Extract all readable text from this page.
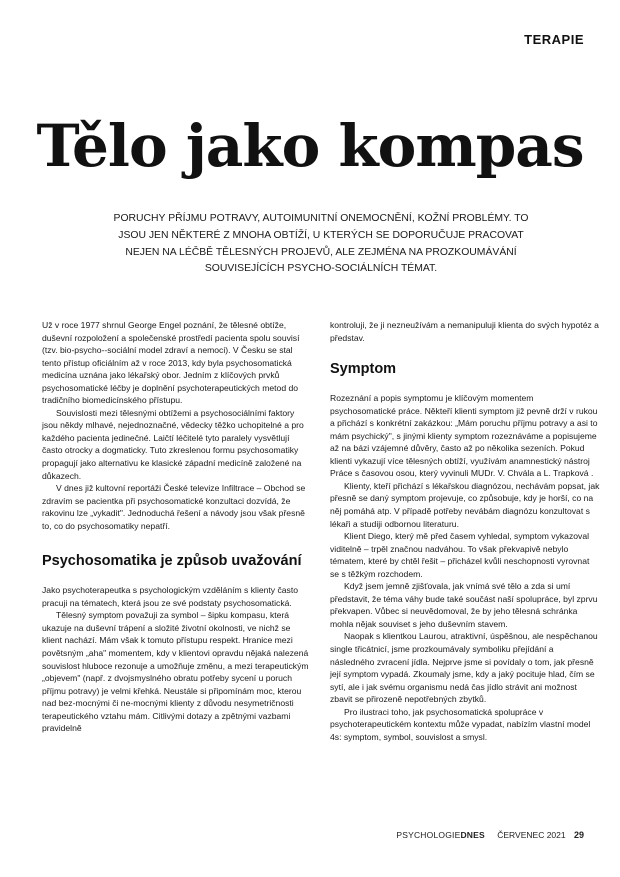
TERAPIE
Tělo jako kompas
PORUCHY PŘÍJMU POTRAVY, AUTOIMUNITNÍ ONEMOCNĚNÍ, KOŽNÍ PROBLÉMY. TO JSOU JEN NĚKTERÉ Z MNOHA OBTÍŽÍ, U KTERÝCH SE DOPORUČUJE PRACOVAT NEJEN NA LÉČBĚ TĚLESNÝCH PROJEVŮ, ALE ZEJMÉNA NA PROZKOUMÁVÁNÍ SOUVISEJÍCÍCH PSYCHO-SOCIÁLNÍCH TÉMAT.

Už v roce 1977 shrnul George Engel poznání, že tělesné obtíže, duševní rozpoložení a společenské prostředí pacienta spolu souvisí (tzv. bio-psycho--sociální model zdraví a nemoci). V Česku se stal tento přístup oficiálním až v roce 2013, kdy byla psychosomatická medicína uznána jako lékařský obor. Jedním z klíčových prvků psychosomatické léčby je doplnění psychoterapeutických metod do tradičního biomedicínského přístupu.

Souvislosti mezi tělesnými obtížemi a psychosociálními faktory jsou někdy mlhavé, nejednoznačné, vědecky těžko uchopitelné a pro každého pacienta jedinečné. Laičtí léčitelé tyto paralely vysvětlují často otrocky a dogmaticky. Tuto zkreslenou formu psychosomatiky propagují jako alternativu ke klasické západní medicíně založené na důkazech.

V dnes již kultovní reportáži České televize Infiltrace – Obchod se zdravím se pacientka při psychosomatické konzultaci dozvídá, že rakovinu lze „vykadit". Jednoduchá řešení a návody jsou však přesně to, co do psychosomatiky nepatří.

Psychosomatika je způsob uvažování

Jako psychoterapeutka s psychologickým vzděláním s klienty často pracuji na tématech, která jsou ze své podstaty psychosomatická.

Tělesný symptom považuji za symbol – šipku kompasu, která ukazuje na duševní trápení a složité životní okolnosti, ve nichž se klient nachází. Mám však k tomuto přístupu respekt. Hranice mezi povětsným „aha" momentem, kdy v klientovi opravdu nějaká nalezená souvislost hluboce rezonuje a umožňuje změnu, a mezi terapeutickým „objevem" (např. z dvojsmyslného obratu potřeby sycení u poruch příjmu potravy) je velmi křehká. Neustále si připomínám moc, kterou nad bez-mocnými či ne-mocnými klienty z důvodu nesymetričnosti terapeutického vztahu mám. Citlivými dotazy a zpětnými vazbami pravidelně

kontroluji, že ji nezneužívám a nemanipuluji klienta do svých hypotéz a představ.

Symptom

Rozeznání a popis symptomu je klíčovým momentem psychosomatické práce. Někteří klienti symptom již pevně drží v rukou a přichází s konkrétní zakázkou: „Mám poruchu příjmu potravy a asi to mám psychický", s jinými klienty symptom rozeznáváme a popisujeme až na bázi vzájemné důvěry, často až po několika sezeních. Pokud klienti vykazují více tělesných obtíží, využívám anamnestický nástroj Práce s časovou osou, který vyvinuli MUDr. V. Chvála a L. Trapková .

Klienty, kteří přichází s lékařskou diagnózou, nechávám popsat, jak přesně se daný symptom projevuje, co způsobuje, kdy je horší, co na něj pomáhá atp. V případě potřeby nevábám diagnózu konzultovat s lékaři a studiji odbornou literaturu.

Klient Diego, který mě před časem vyhledal, symptom vykazoval viditelně – trpěl značnou nadváhou. To však překvapivě nebylo tématem, které by chtěl řešit – přicházel kvůli neschopnosti vyrovnat se s těžkým rozchodem.

Když jsem jemně zjišťovala, jak vnímá své tělo a zda si umí představit, že téma váhy bude také součást naší spolupráce, byl zprvu překvapen. Vůbec si neuvědomoval, že by jeho tělesná schránka mohla nějak souviset s jeho duševním stavem.

Naopak s klientkou Laurou, atraktivní, úspěšnou, ale nespěchanou single třicátnicí, jsme prozkoumávaly symboliku přejídání a následného zvracení jídla. Nejprve jsme si povídaly o tom, jak přesně její symptom vypadá. Zkoumaly jsme, kdy a jaký pocituje hlad, čím se sytí, ale i jak svému organismu nedá čas jídlo strávit ani možnost zbavit se přirozeně nepotřebných zbytků.

Pro ilustraci toho, jak psychosomatická spolupráce v psychoterapeutickém kontextu může vypadat, nabízím vlastní model 4s: symptom, symbol, souvislost a smysl.

PSYCHOLOGIEDNES ČERVENEC 2021 29
